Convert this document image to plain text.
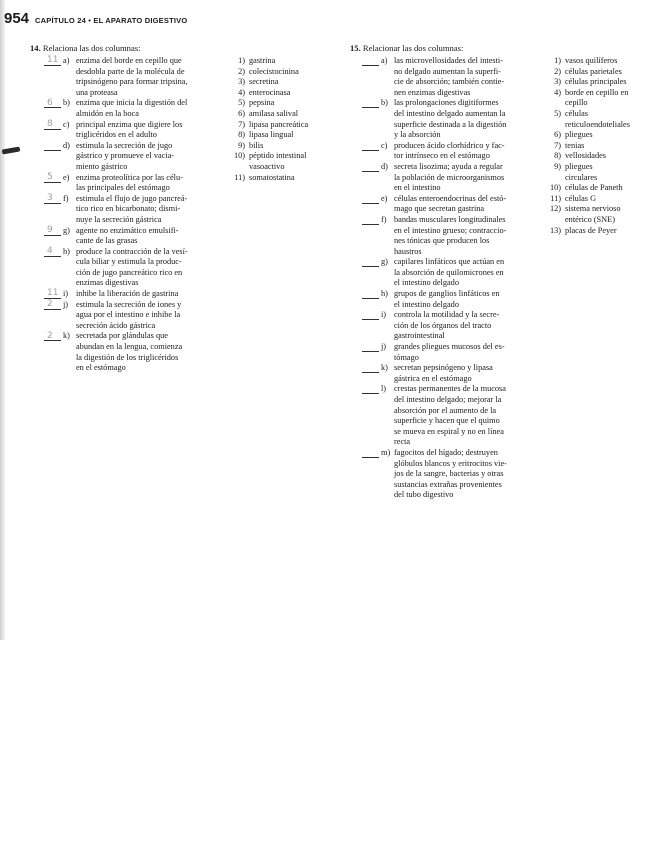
954 CAPÍTULO 24 • EL APARATO DIGESTIVO
14. Relaciona las dos columnas:
11 a) enzima del borde en cepillo que
desdobla parte de la molécula de
tripsinógeno para formar tripsina,
una proteasa
6 b) enzima que inicia la digestión del
almidón en la boca
8 c) principal enzima que digiere los
triglicéridos en el adulto
d) estimula la secreción de jugo
gástrico y promueve el vacia-
miento gástrico
5 e) enzima proteolítica por las célu-
las principales del estómago
3 f) estimula el flujo de jugo pancreá-
tico rico en bicarbonato; dismi-
nuye la secreción gástrica
9 g) agente no enzimático emulsifi-
cante de las grasas
4 h) produce la contracción de la vesí-
cula biliar y estimula la produc-
ción de jugo pancreático rico en
enzimas digestivas
11 i) inhibe la liberación de gastrina
2 j) estimula la secreción de iones y
agua por el intestino e inhibe la
secreción ácido gástrica
2 k) secretada por glándulas que
abundan en la lengua, comienza
la digestión de los triglicéridos
en el estómago
1) gastrina
2) colecistocinina
3) secretina
4) enterocinasa
5) pepsina
6) amilasa salival
7) lipasa pancreática
8) lipasa lingual
9) bilis
10) péptido intestinal
vasoactivo
11) somatostatina
15. Relacionar las dos columnas:
a) las microvellosidades del intesti-
no delgado aumentan la superfi-
cie de absorción; también contie-
nen enzimas digestivas
b) las prolongaciones digitiformes
del intestino delgado aumentan la
superficie destinada a la digestión
y la absorción
c) producen ácido clorhídrico y fac-
tor intrínseco en el estómago
d) secreta lisozima; ayuda a regular
la población de microorganismos
en el intestino
e) células enteroendocrinas del estó-
mago que secretan gastrina
f) bandas musculares longitudinales
en el intestino grueso; contraccio-
nes tónicas que producen los
haustros
g) capilares linfáticos que actúan en
la absorción de quilomicrones en
el intestino delgado
h) grupos de ganglios linfáticos en
el intestino delgado
i) controla la motilidad y la secre-
ción de los órganos del tracto
gastrointestinal
j) grandes pliegues mucosos del es-
tómago
k) secretan pepsinógeno y lipasa
gástrica en el estómago
l) crestas permanentes de la mucosa
del intestino delgado; mejorar la
absorción por el aumento de la
superficie y hacen que el quimo
se mueva en espiral y no en línea
recta
m) fagocitos del hígado; destruyen
glóbulos blancos y eritrocitos vie-
jos de la sangre, bacterias y otras
sustancias extrañas provenientes
del tubo digestivo
1) vasos quilíferos
2) células parietales
3) células principales
4) borde en cepillo en
cepillo
5) células
reticuloendoteliales
6) pliegues
7) tenias
8) vellosidades
9) pliegues
circulares
10) células de Paneth
11) células G
12) sistema nervioso
entérico (SNE)
13) placas de Peyer
